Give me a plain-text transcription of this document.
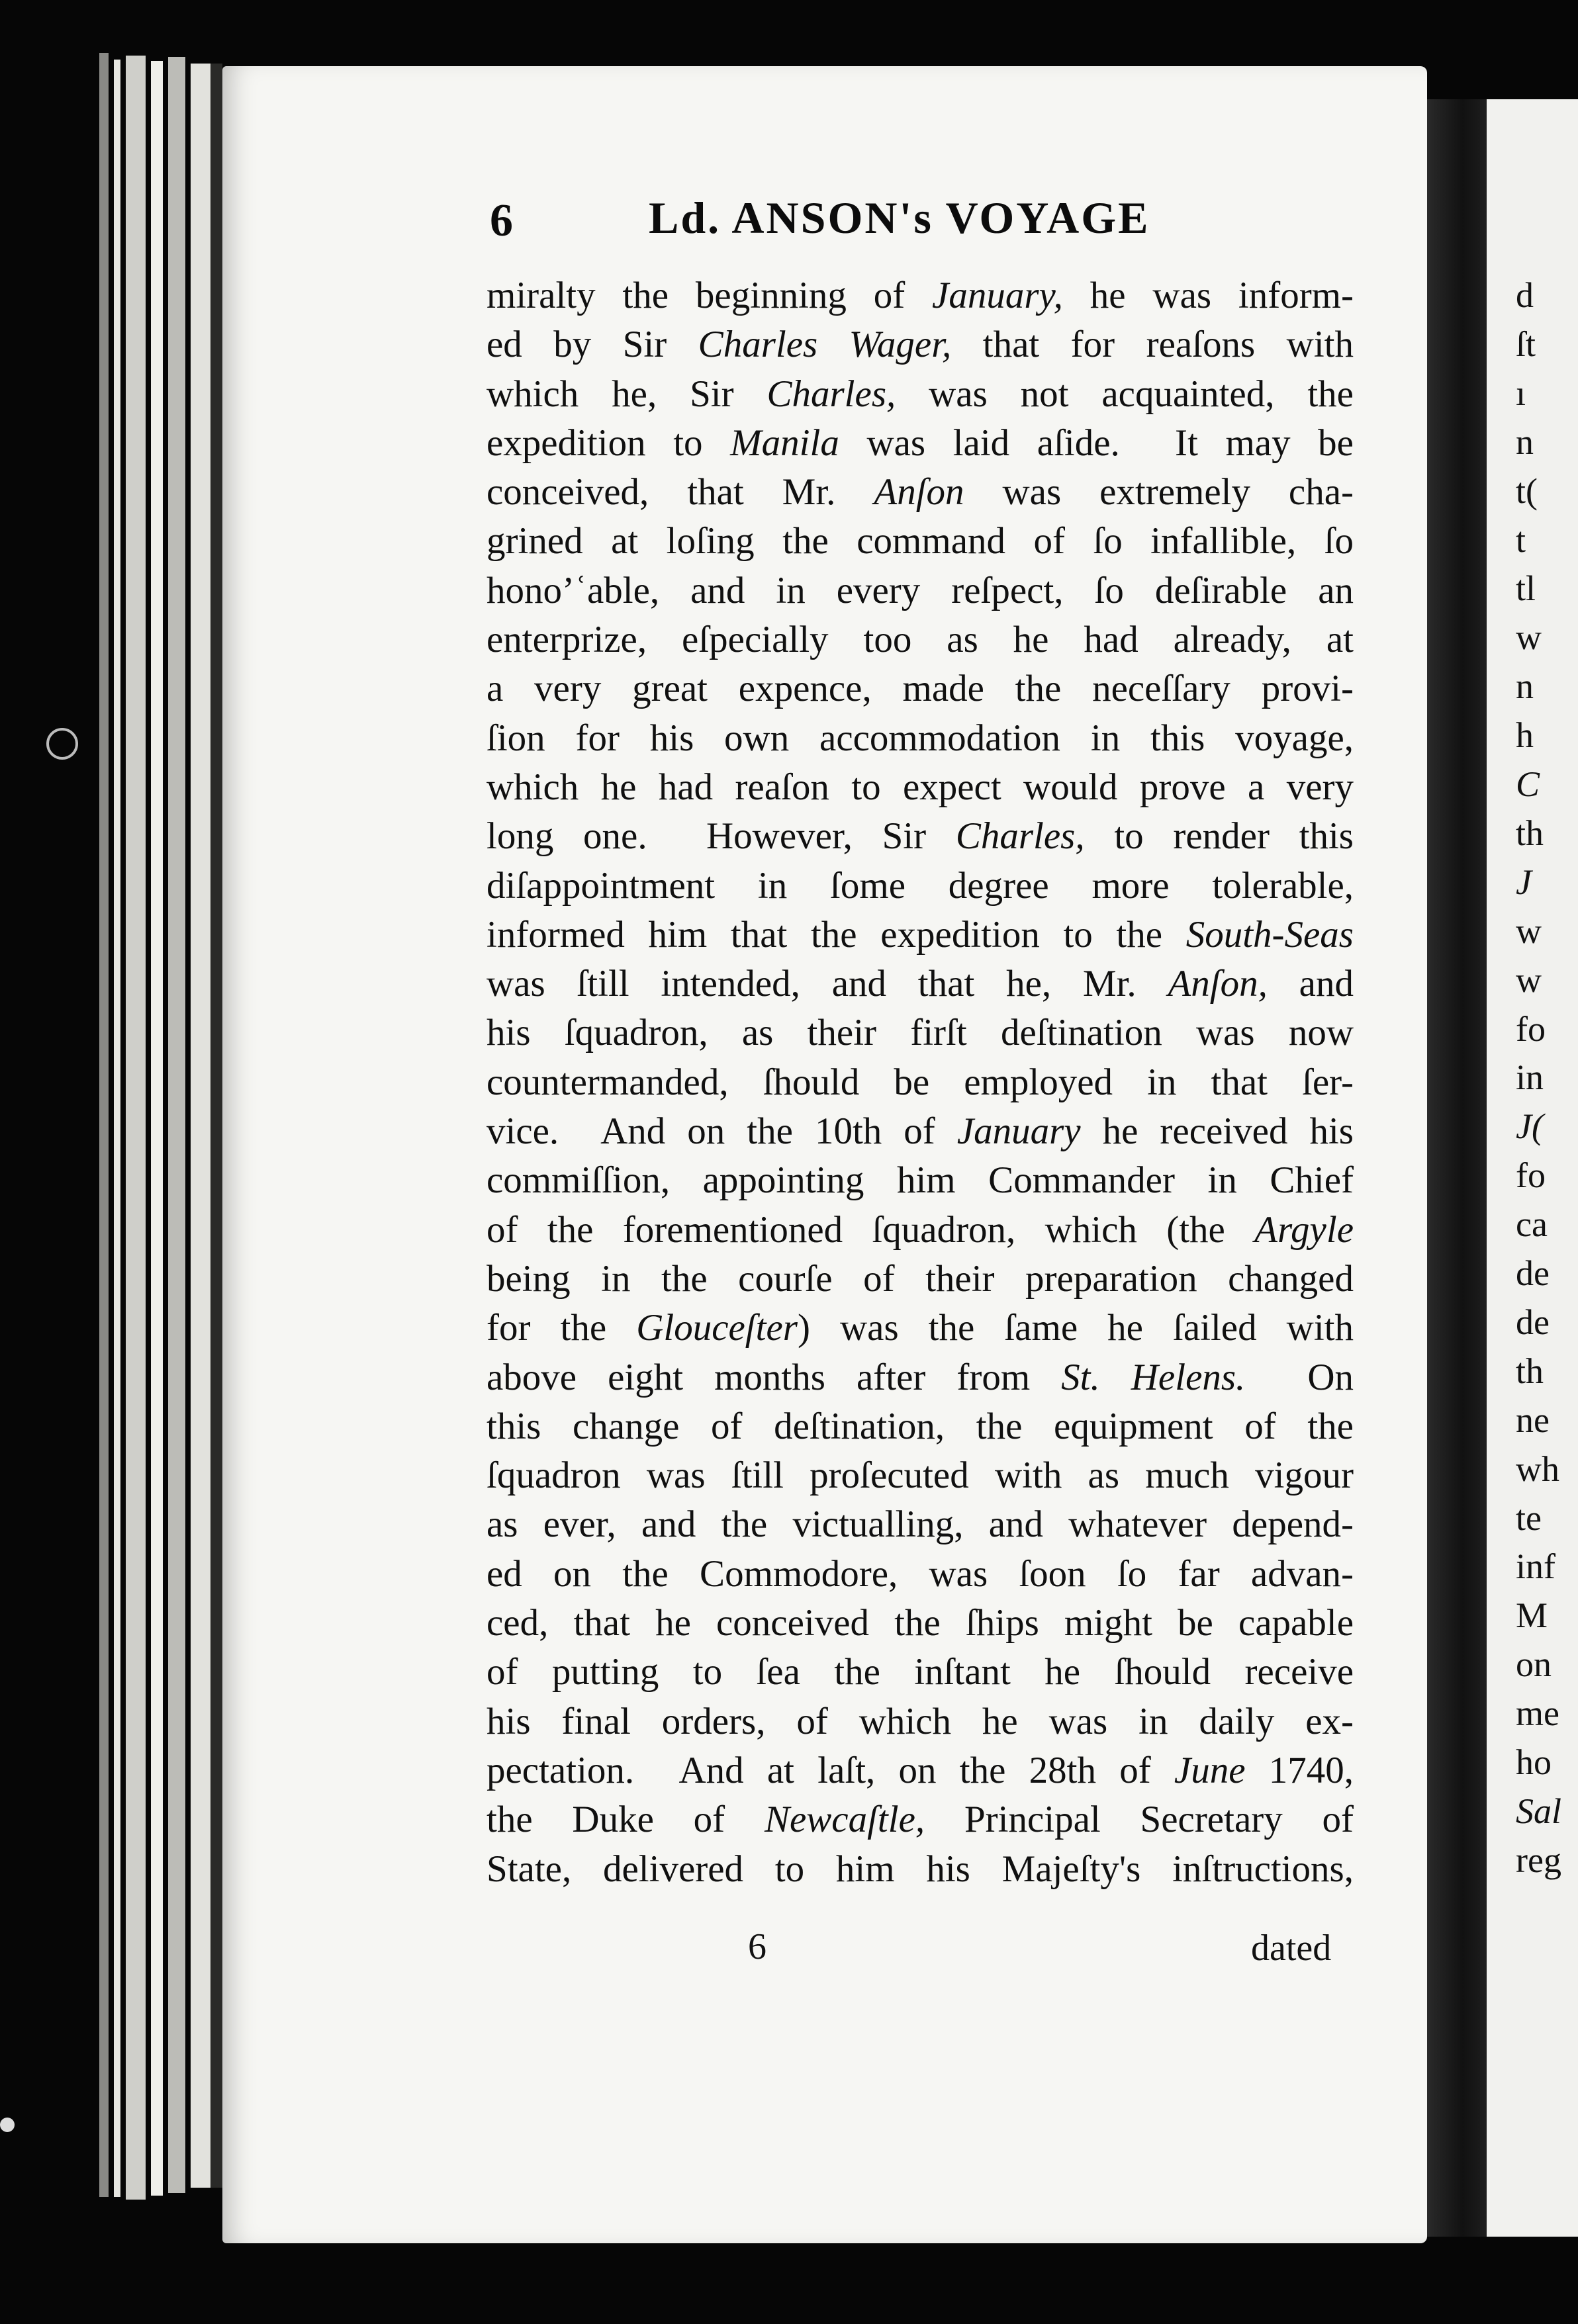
d
ſt
ı
n
t(
t
tl
w
n
h
C
th
J
w
w
fo
in
J(
fo
ca
de
de
th
ne
wh
te
inf
M
on
me
ho
Sal
reg
6	Ld. ANSON's VOYAGE
miralty the beginning of January, he was inform-
ed by Sir Charles Wager, that for reaſons with
which he, Sir Charles, was not acquainted, the
expedition to Manila was laid aſide.  It may be
conceived, that Mr. Anſon was extremely cha-
grined at loſing the command of ſo infallible, ſo
hono’ʿable, and in every reſpect, ſo deſirable an
enterprize, eſpecially too as he had already, at
a very great expence, made the neceſſary provi-
ſion for his own accommodation in this voyage,
which he had reaſon to expect would prove a very
long one.  However, Sir Charles, to render this
diſappointment in ſome degree more tolerable,
informed him that the expedition to the South-Seas
was ſtill intended, and that he, Mr. Anſon, and
his ſquadron, as their firſt deſtination was now
countermanded, ſhould be employed in that ſer-
vice.  And on the 10th of January he received his
commiſſion, appointing him Commander in Chief
of the forementioned ſquadron, which (the Argyle
being in the courſe of their preparation changed
for the Glouceſter) was the ſame he ſailed with
above eight months after from St. Helens.  On
this change of deſtination, the equipment of the
ſquadron was ſtill proſecuted with as much vigour
as ever, and the victualling, and whatever depend-
ed on the Commodore, was ſoon ſo far advan-
ced, that he conceived the ſhips might be capable
of putting to ſea the inſtant he ſhould receive
his final orders, of which he was in daily ex-
pectation.  And at laſt, on the 28th of June 1740,
the Duke of Newcaſtle, Principal Secretary of
State, delivered to him his Majeſty's inſtructions,
6	dated
